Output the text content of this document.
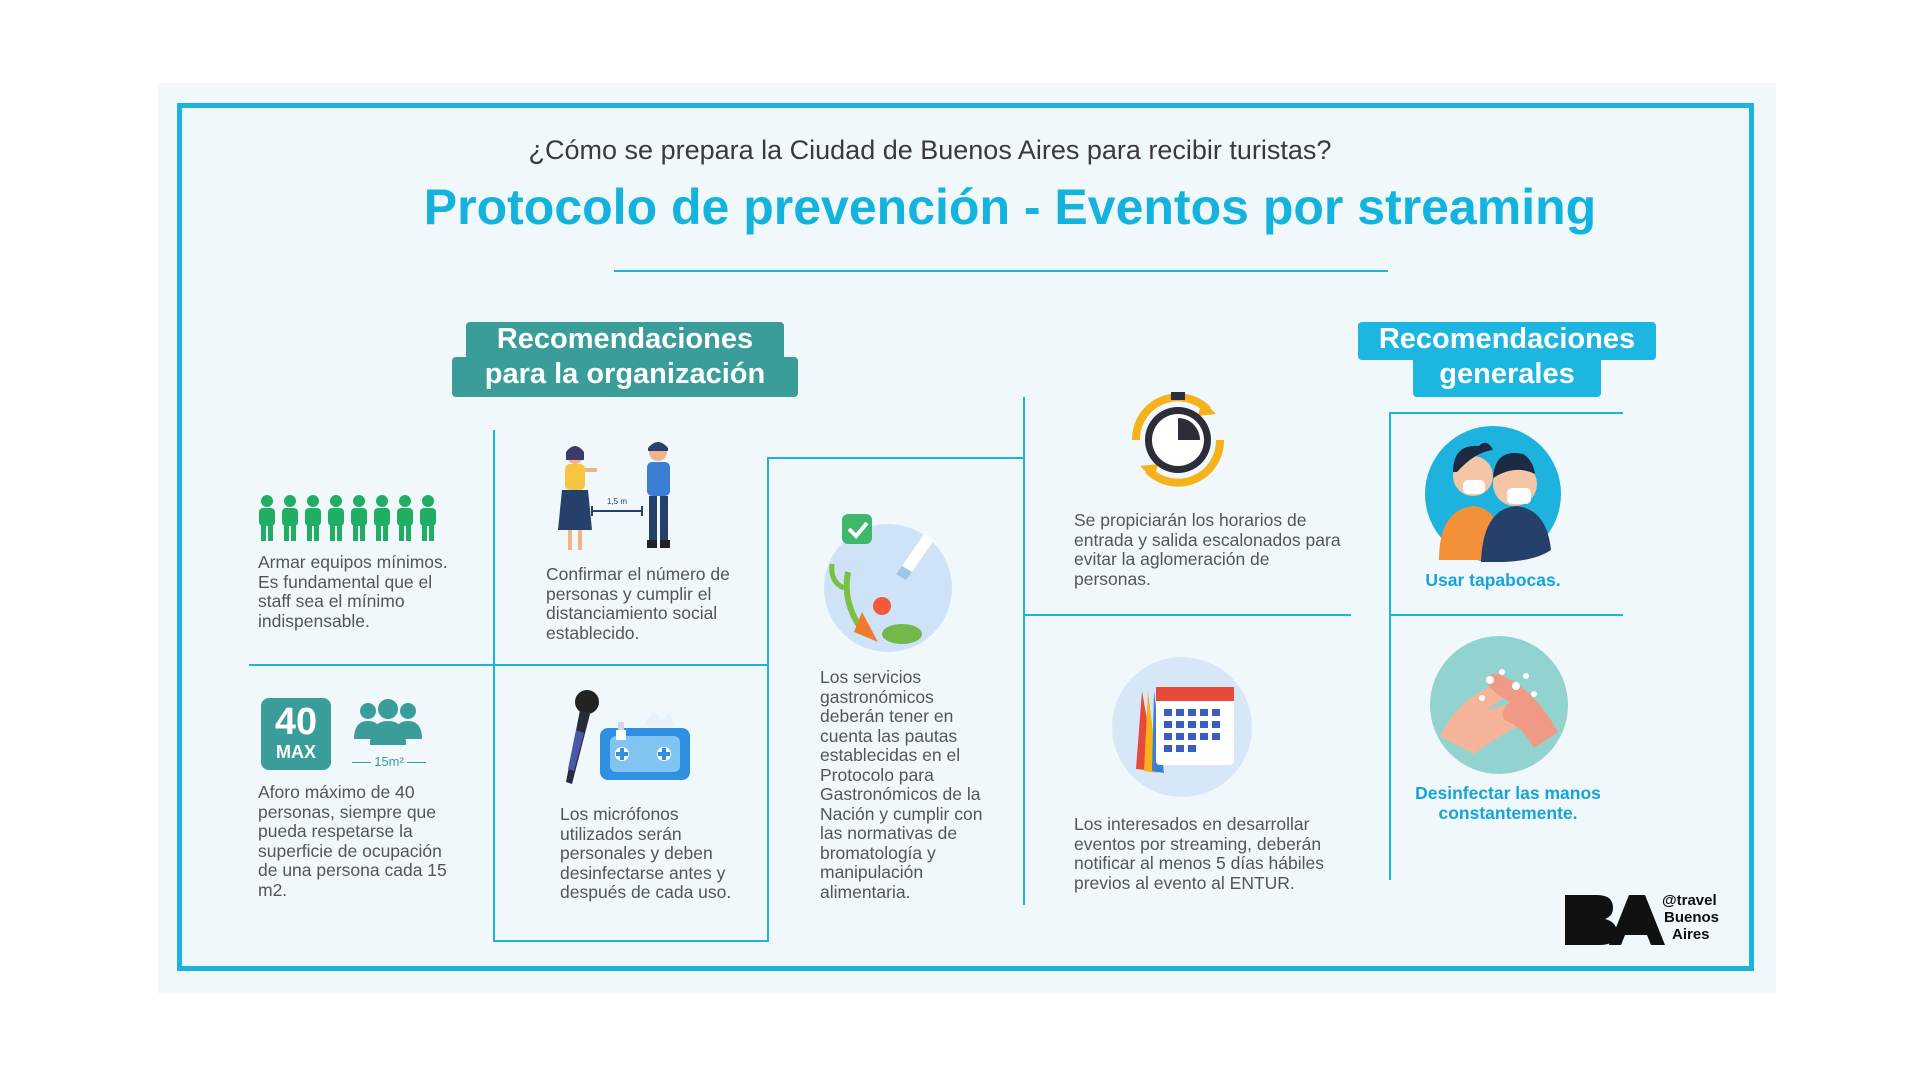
¿Cómo se prepara la Ciudad de Buenos Aires para recibir turistas?
Protocolo de prevención - Eventos por streaming
Recomendaciones
para la organización
Recomendaciones
generales
Armar equipos mínimos. Es fundamental que el staff sea el mínimo indispensable.
1,5 m
Confirmar el número de personas y cumplir el distanciamiento social establecido.
40
MAX	15m²
Aforo máximo de 40 personas, siempre que pueda respetarse la superficie de ocupación de una persona cada 15 m2.
Los micrófonos utilizados serán personales y deben desinfectarse antes y después de cada uso.
Los servicios gastronómicos deberán tener en cuenta las pautas establecidas en el Protocolo para Gastronómicos de la Nación y cumplir con las normativas de bromatología y manipulación alimentaria.
Se propiciarán los horarios de entrada y salida escalonados para evitar la aglomeración de personas.
Los interesados en desarrollar eventos por streaming, deberán notificar al menos 5 días hábiles previos al evento al ENTUR.
Usar tapabocas.
Desinfectar las manos constantemente.
@travel
Buenos
Aires
